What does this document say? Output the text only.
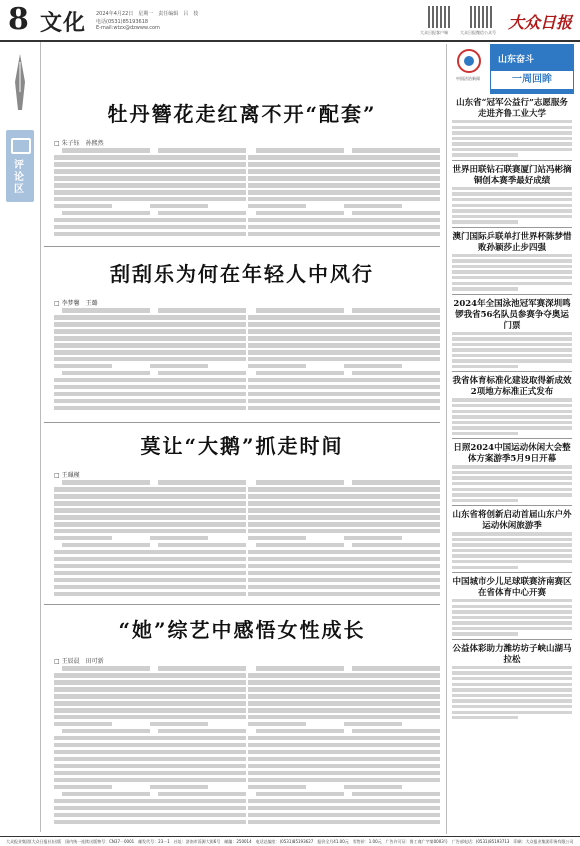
8 文化 2024年4月22日　星期一　责任编辑　吕　枝
电话(0531)85193618
E-mail:wtzx@dzwww.com
大众日报客户端	大众日报微信公众号
大众日报
评论区
牡丹簪花走红离不开“配套”
□ 朱子钰　孙熙然
刮刮乐为何在年轻人中风行
□ 李梦馨　王璐
莫让“大鹅”抓走时间
□ 王珮槿
“她”综艺中感悟女性成长
□ 王辰晨　田可新
中国法治新闻
山东奋斗
一周回眸
山东省“冠军公益行”志愿服务走进齐鲁工业大学
世界田联钻石联赛厦门站冯彬摘铜创本赛季最好成绩
澳门国际乒联单打世界杯陈梦惜败孙颖莎止步四强
2024年全国泳池冠军赛深圳鸣锣我省56名队员参赛争夺奥运门票
我省体育标准化建设取得新成效2项地方标准正式发布
日照2024中国运动休闲大会整体方案游季5月9日开幕
山东省将创新启动首届山东户外运动休闲旅游季
中国城市少儿足球联赛济南赛区在省体育中心开赛
公益体彩助力潍坊坊子峡山湖马拉松
大众报业集团(大众日报社)出版　国内统一连续出版物号：CN37－0001　邮发代号：23－1　社址：济南市泺源大街6号　邮编：250014　电话总编室：(0531)85193627　报价全月41.00元　零售价：1.00元　广告许可证：鲁工商广字第0003号　广告部电话：(0531)85193713　印刷：大众报业集团印务有限公司
